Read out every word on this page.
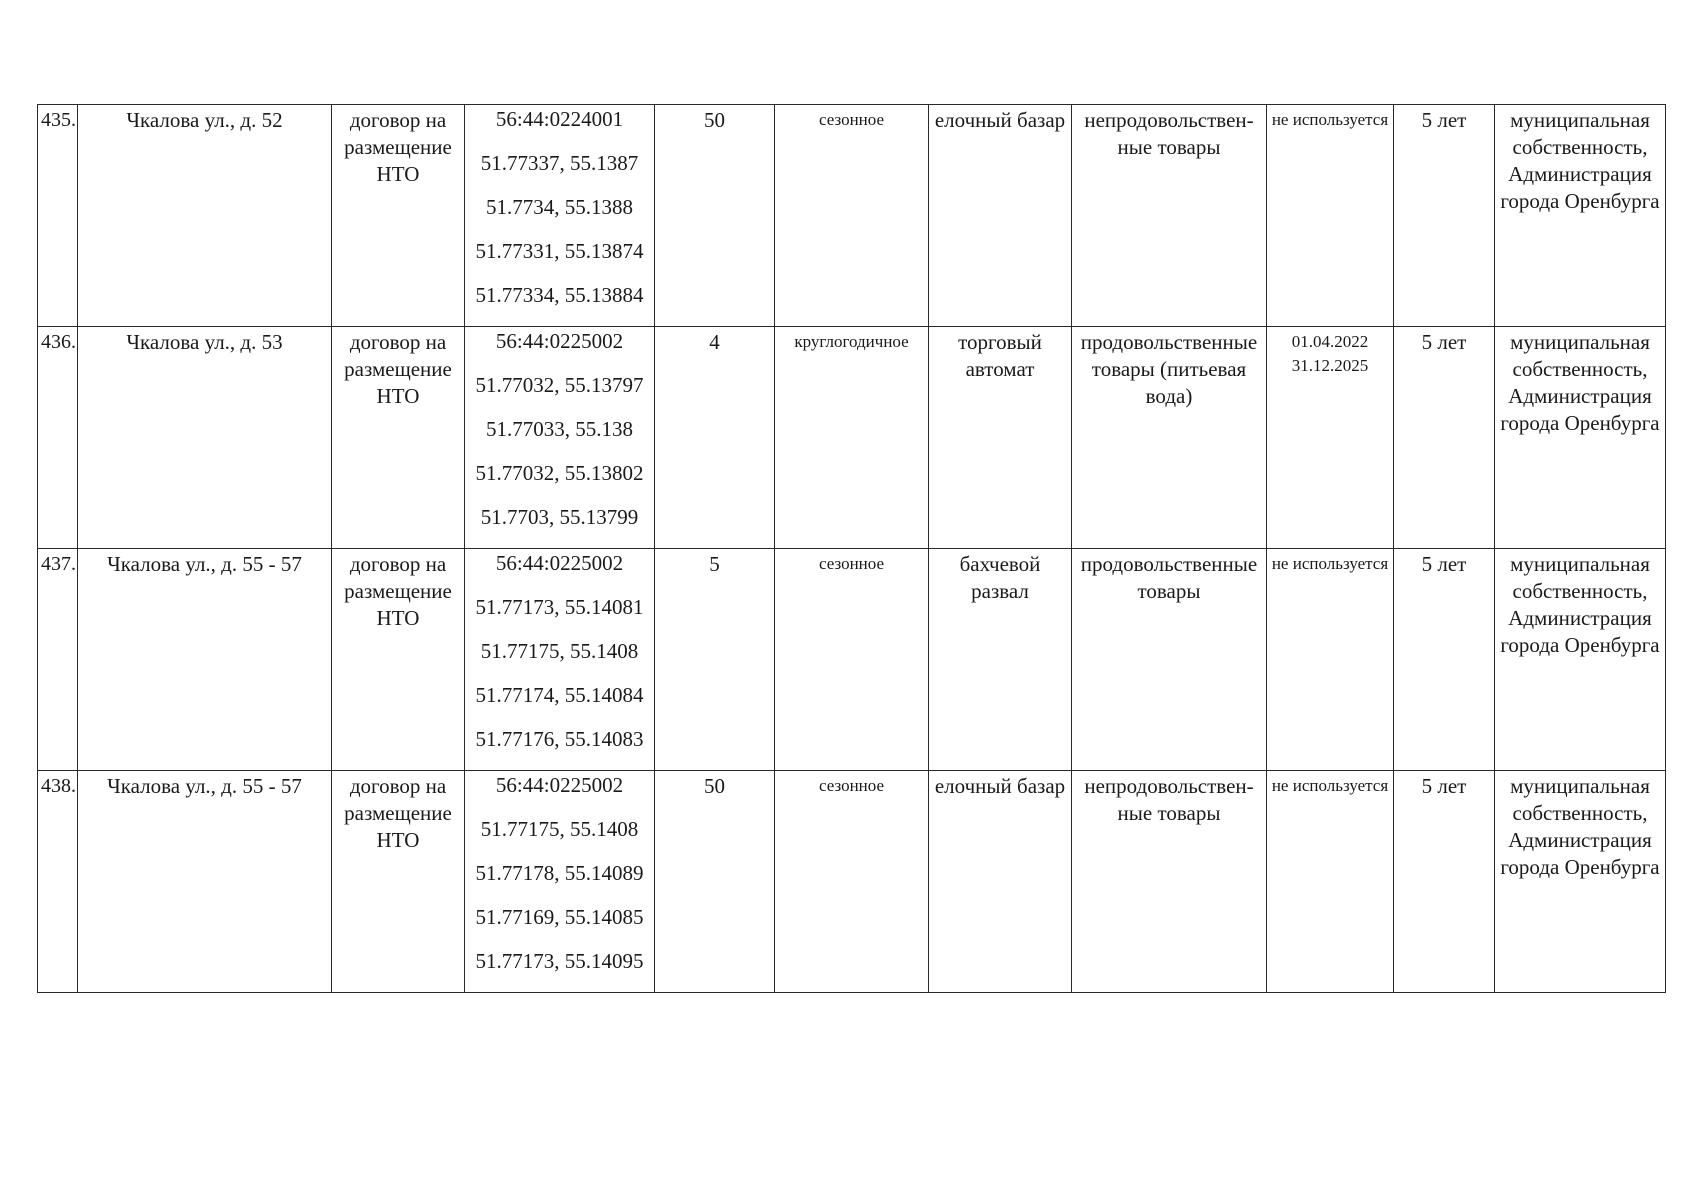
435.	Чкалова ул., д. 52	договор на размещение НТО	56:44:0224001
51.77337, 55.1387
51.7734, 55.1388
51.77331, 55.13874
51.77334, 55.13884	50	сезонное	елочный базар	непродовольствен-ные товары	не используется	5 лет	муниципальная собственность, Администрация города Оренбурга

436.	Чкалова ул., д. 53	договор на размещение НТО	56:44:0225002
51.77032, 55.13797
51.77033, 55.138
51.77032, 55.13802
51.7703, 55.13799	4	круглогодичное	торговый автомат	продовольственные товары (питьевая вода)	01.04.2022 31.12.2025	5 лет	муниципальная собственность, Администрация города Оренбурга

437.	Чкалова ул., д. 55 - 57	договор на размещение НТО	56:44:0225002
51.77173, 55.14081
51.77175, 55.1408
51.77174, 55.14084
51.77176, 55.14083	5	сезонное	бахчевой развал	продовольственные товары	не используется	5 лет	муниципальная собственность, Администрация города Оренбурга

438.	Чкалова ул., д. 55 - 57	договор на размещение НТО	56:44:0225002
51.77175, 55.1408
51.77178, 55.14089
51.77169, 55.14085
51.77173, 55.14095	50	сезонное	елочный базар	непродовольствен-ные товары	не используется	5 лет	муниципальная собственность, Администрация города Оренбурга
